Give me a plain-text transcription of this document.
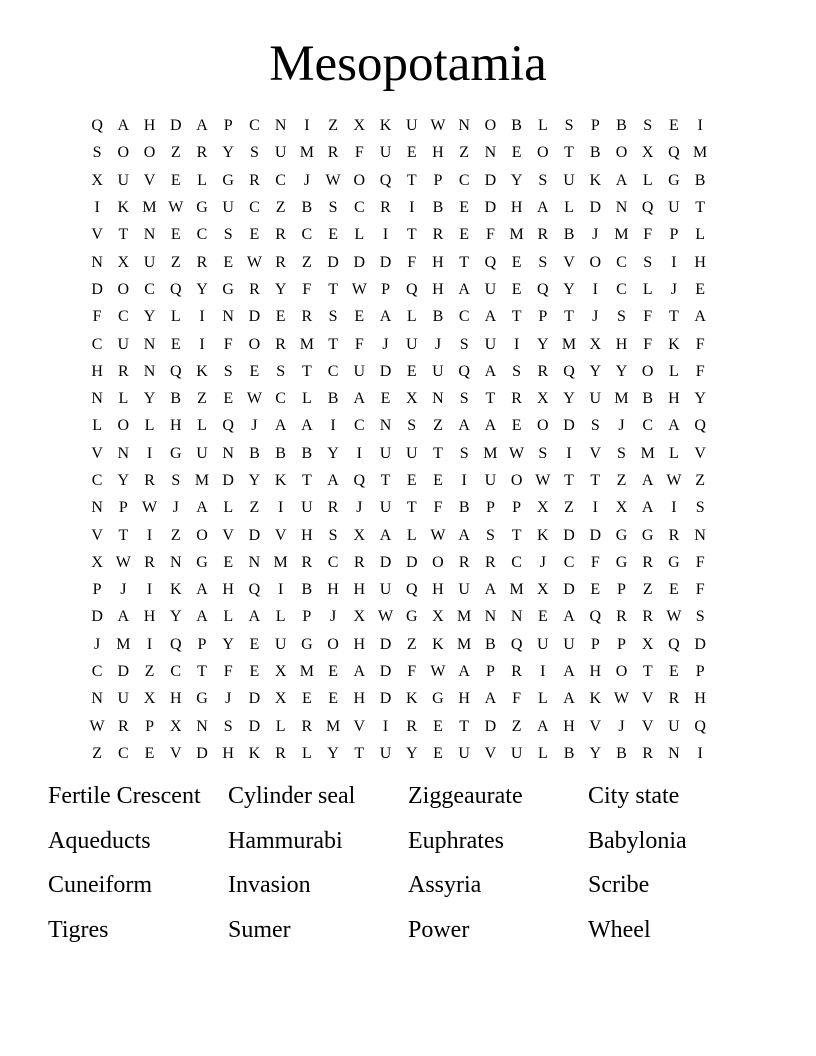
Mesopotamia
Q A H D A P	C N	I	Z X K U W N O B	L	S	P	B	S	E	I
S O O Z R Y S U M R	F U E H Z N E O T B O X Q M
X U V E	L G R C	J W O Q T	P	C D Y S U K A L G B
I	K M W G U C	Z B	S	C R	I	B	E D H A L D N Q U T
V T N E C	S	E R C	E	L	I	T R	E	F M R B	J M F	P	L
N X U Z R	E W R	Z D D D F H T Q E	S V O C	S	I	H
D O C Q Y G R Y F	T W P Q H A U E Q Y	I	C	L	J	E
F	C Y L	I	N D E R	S	E A L B C A T	P	T	J	S	F	T A
C U N E	I	F O R M T	F	J	U	J	S U	I	Y M X H F K F
H R N Q K S	E	S	T C U D E U Q A S	R Q Y Y O L	F
N L Y B	Z	E W C	L B A E X N S	T R X Y U M B H Y
L O L H L Q	J	A A	I	C N S	Z A A E O D S	J	C A Q
V N	I	G U N B B B Y	I	U U T	S M W S	I	V S M L V
C Y R	S M D Y K T A Q T	E	E	I	U O W T	T	Z A W Z
N P W J	A L	Z	I	U R	J	U T	F	B	P	P X Z	I	X A	I	S
V T	I	Z O V D V H S X A L W A S	T K D D G G R N
X W R N G E N M R C R D D O R R C	J	C	F G R G F
P	J	I	K A H Q	I	B H H U Q H U A M X D E	P	Z	E	F
D A H Y A L A L	P	J	X W G X M N N E A Q R R W S
J M	I	Q P Y E U G O H D Z K M B Q U U P	P X Q D
C D Z C	T	F	E X M E A D F W A P	R	I	A H O T	E	P
N U X H G	J	D X E	E H D K G H A F	L A K W V R H
W R	P X N S D L R M V	I	R	E	T D Z A H V	J	V U Q
Z C	E V D H K R	L Y T U Y E U V U L B Y B R N	I
Fertile Crescent	Cylinder seal	Ziggeaurate	City state
Aqueducts	Hammurabi	Euphrates	Babylonia
Cuneiform	Invasion	Assyria	Scribe
Tigres	Sumer	Power	Wheel
